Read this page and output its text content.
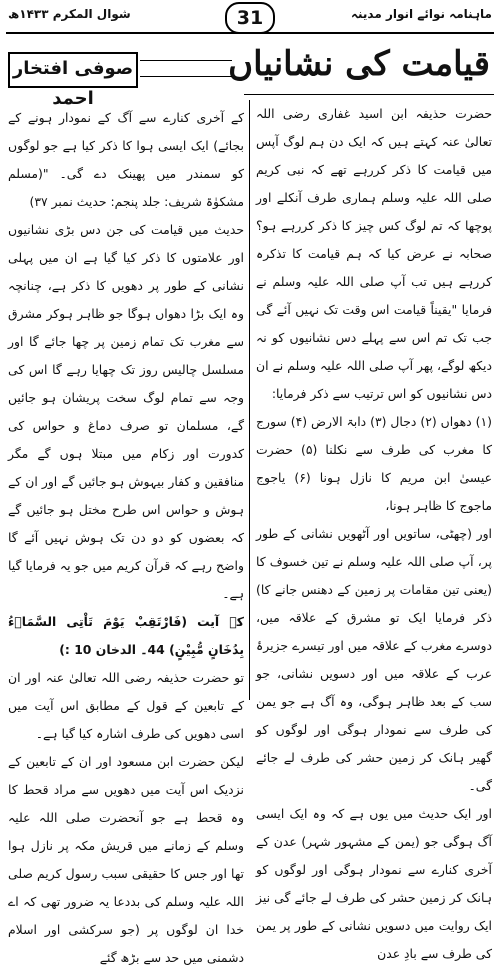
ماہنامہ نوائے انوار مدینہ
31
شوال المکرم ۱۴۳۳ھ
قیامت کی نشانیاں
صوفی افتخار احمد

حضرت حذیفہ ابن اسید غفاری رضی اللہ تعالیٰ عنہ کہتے ہیں کہ ایک دن ہم لوگ آپس میں قیامت کا ذکر کررہے تھے کہ نبی کریم صلی اللہ علیہ وسلم ہماری طرف آنکلے اور پوچھا کہ تم لوگ کس چیز کا ذکر کررہے ہو؟ صحابہ نے عرض کیا کہ ہم قیامت کا تذکرہ کررہے ہیں تب آپ صلی اللہ علیہ وسلم نے فرمایا "یقیناً قیامت اس وقت تک نہیں آئے گی جب تک تم اس سے پہلے دس نشانیوں کو نہ دیکھ لوگے، پھر آپ صلی اللہ علیہ وسلم نے ان دس نشانیوں کو اس ترتیب سے ذکر فرمایا:

(۱) دھواں (۲) دجال (۳) دابۃ الارض (۴) سورج کا مغرب کی طرف سے نکلنا (۵) حضرت عیسیٰ ابن مریم کا نازل ہونا (۶) یاجوج ماجوج کا ظاہر ہونا،

اور (چھٹی، ساتویں اور آٹھویں نشانی کے طور پر، آپ صلی اللہ علیہ وسلم نے تین خسوف کا (یعنی تین مقامات پر زمین کے دھنس جانے کا) ذکر فرمایا ایک تو مشرق کے علاقہ میں، دوسرے مغرب کے علاقہ میں اور تیسرے جزیرۂ عرب کے علاقہ میں اور دسویں نشانی، جو سب کے بعد ظاہر ہوگی، وہ آگ ہے جو یمن کی طرف سے نمودار ہوگی اور لوگوں کو گھیر ہانک کر زمین حشر کی طرف لے جائے گی۔

اور ایک حدیث میں یوں ہے کہ وہ ایک ایسی آگ ہوگی جو (یمن کے مشہور شہر) عدن کے آخری کنارے سے نمودار ہوگی اور لوگوں کو ہانک کر زمین حشر کی طرف لے جائے گی نیز ایک روایت میں دسویں نشانی کے طور پر یمن کی طرف سے بادِ عدن

کے آخری کنارے سے آگ کے نمودار ہونے کے بجائے) ایک ایسی ہوا کا ذکر کیا ہے جو لوگوں کو سمندر میں پھینک دے گی۔ "(مسلم مشکوٰۃ شریف: جلد پنجم: حدیث نمبر ۳۷)

حدیث میں قیامت کی جن دس بڑی نشانیوں اور علامتوں کا ذکر کیا گیا ہے ان میں پہلی نشانی کے طور پر دھویں کا ذکر ہے، چنانچہ وہ ایک بڑا دھواں ہوگا جو ظاہر ہوکر مشرق سے مغرب تک تمام زمین پر چھا جائے گا اور مسلسل چالیس روز تک چھایا رہے گا اس کی وجہ سے تمام لوگ سخت پریشان ہو جائیں گے، مسلمان تو صرف دماغ و حواس کی کدورت اور زکام میں مبتلا ہوں گے مگر منافقین و کفار بیہوش ہو جائیں گے اور ان کے ہوش و حواس اس طرح مختل ہو جائیں گے کہ بعضوں کو دو دن تک ہوش نہیں آئے گا واضح رہے کہ قرآن کریم میں جو یہ فرمایا گیا ہے۔

کہ آیت (فَارْتَقِبْ یَوْمَ تَاْتِی السَّمَاۗءُ بِدُخَانٍ مُّبِیْنٍ) 44۔ الدخان 10 :)

تو حضرت حذیفہ رضی اللہ تعالیٰ عنہ اور ان کے تابعین کے قول کے مطابق اس آیت میں اسی دھویں کی طرف اشارہ کیا گیا ہے۔

لیکن حضرت ابن مسعود اور ان کے تابعین کے نزدیک اس آیت میں دھویں سے مراد قحط کا وہ قحط ہے جو آنحضرت صلی اللہ علیہ وسلم کے زمانے میں قریش مکہ پر نازل ہوا تھا اور جس کا حقیقی سبب رسول کریم صلی اللہ علیہ وسلم کی بددعا یہ ضرور تھی کہ اے خدا ان لوگوں پر (جو سرکشی اور اسلام دشمنی میں حد سے بڑھ گئے
